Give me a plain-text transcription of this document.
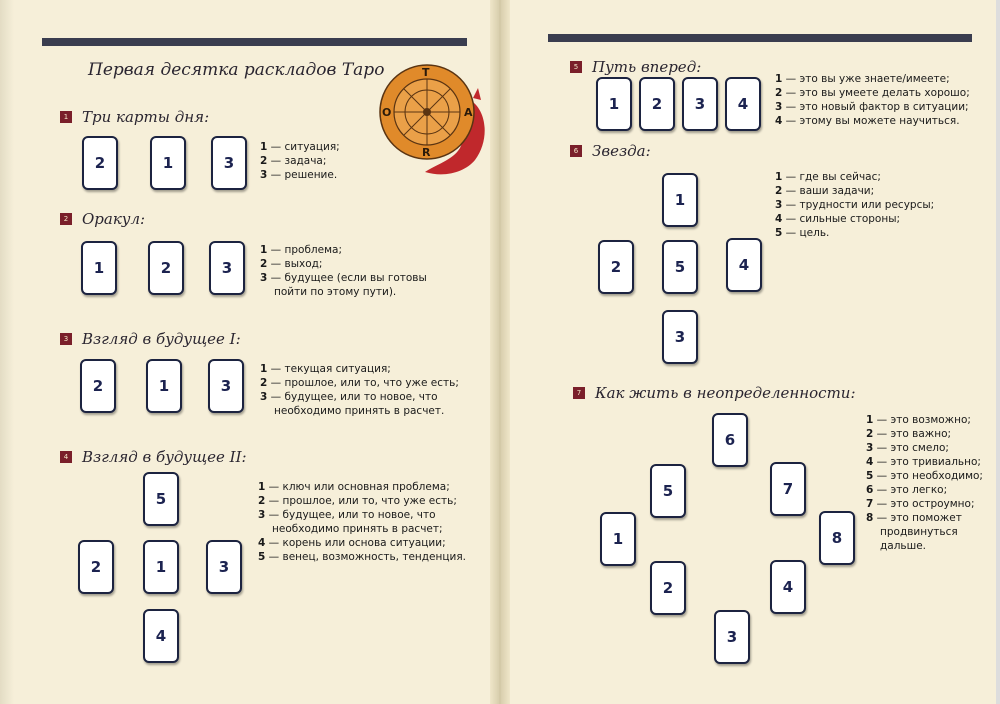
Первая десятка раскладов Таро	T
A
R
O
1 Три карты дня:
2	1	3
1 — ситуация;
2 — задача;
3 — решение.
2 Оракул:
1	2	3
1 — проблема;
2 — выход;
3 — будущее (если вы готовы
пойти по этому пути).
3 Взгляд в будущее I:
2	1	3
1 — текущая ситуация;
2 — прошлое, или то, что уже есть;
3 — будущее, или то новое, что
необходимо принять в расчет.
4 Взгляд в будущее II:
5
2	1	3
4
1 — ключ или основная проблема;
2 — прошлое, или то, что уже есть;
3 — будущее, или то новое, что
необходимо принять в расчет;
4 — корень или основа ситуации;
5 — венец, возможность, тенденция.
5 Путь вперед:
1	2	3	4
1 — это вы уже знаете/имеете;
2 — это вы умеете делать хорошо;
3 — это новый фактор в ситуации;
4 — этому вы можете научиться.
6 Звезда:
1
2	5	4
3
1 — где вы сейчас;
2 — ваши задачи;
3 — трудности или ресурсы;
4 — сильные стороны;
5 — цель.
7 Как жить в неопределенности:
6
5	7
1	8
2	4
3
1 — это возможно;
2 — это важно;
3 — это смело;
4 — это тривиально;
5 — это необходимо;
6 — это легко;
7 — это остроумно;
8 — это поможет
продвинуться
дальше.
